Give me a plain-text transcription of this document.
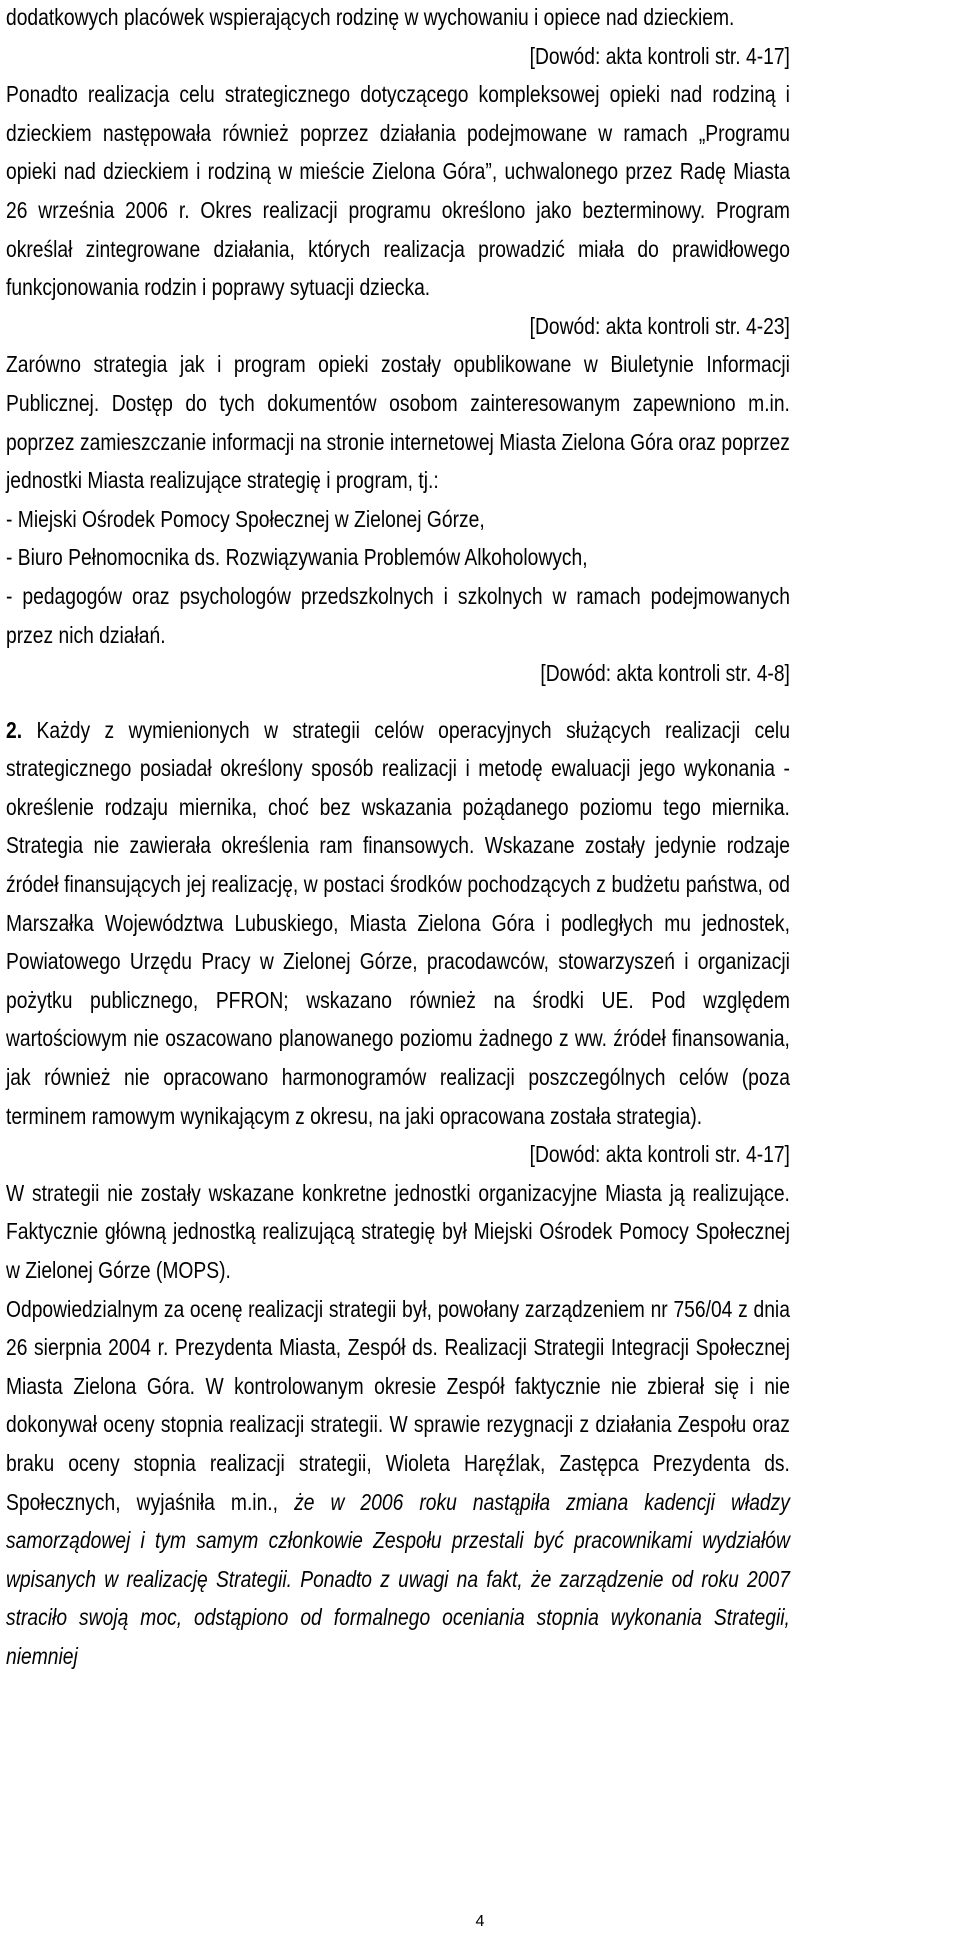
dodatkowych placówek wspierających rodzinę w wychowaniu i opiece nad dzieckiem.

[Dowód: akta kontroli str. 4-17]

Ponadto realizacja celu strategicznego dotyczącego kompleksowej opieki nad rodziną i dzieckiem następowała również poprzez działania podejmowane w ramach „Programu opieki nad dzieckiem i rodziną w mieście Zielona Góra”, uchwalonego przez Radę Miasta 26 września 2006 r. Okres realizacji programu określono jako bezterminowy. Program określał zintegrowane działania, których realizacja prowadzić miała do prawidłowego funkcjonowania rodzin i poprawy sytuacji dziecka.

[Dowód: akta kontroli str. 4-23]

Zarówno strategia jak i program opieki zostały opublikowane w Biuletynie Informacji Publicznej. Dostęp do tych dokumentów osobom zainteresowanym zapewniono m.in. poprzez zamieszczanie informacji na stronie internetowej Miasta Zielona Góra oraz poprzez jednostki Miasta realizujące strategię i program, tj.:

- Miejski Ośrodek Pomocy Społecznej w Zielonej Górze,

- Biuro Pełnomocnika ds. Rozwiązywania Problemów Alkoholowych,

- pedagogów oraz psychologów przedszkolnych i szkolnych w ramach podejmowanych przez nich działań.

[Dowód: akta kontroli str. 4-8]

2. Każdy z wymienionych w strategii celów operacyjnych służących realizacji celu strategicznego posiadał określony sposób realizacji i metodę ewaluacji jego wykonania - określenie rodzaju miernika, choć bez wskazania pożądanego poziomu tego miernika. Strategia nie zawierała określenia ram finansowych. Wskazane zostały jedynie rodzaje źródeł finansujących jej realizację, w postaci środków pochodzących z budżetu państwa, od Marszałka Województwa Lubuskiego, Miasta Zielona Góra i podległych mu jednostek, Powiatowego Urzędu Pracy w Zielonej Górze, pracodawców, stowarzyszeń i organizacji pożytku publicznego, PFRON; wskazano również na środki UE. Pod względem wartościowym nie oszacowano planowanego poziomu żadnego z ww. źródeł finansowania, jak również nie opracowano harmonogramów realizacji poszczególnych celów (poza terminem ramowym wynikającym z okresu, na jaki opracowana została strategia).

[Dowód: akta kontroli str. 4-17]

W strategii nie zostały wskazane konkretne jednostki organizacyjne Miasta ją realizujące. Faktycznie główną jednostką realizującą strategię był Miejski Ośrodek Pomocy Społecznej w Zielonej Górze (MOPS).

Odpowiedzialnym za ocenę realizacji strategii był, powołany zarządzeniem nr 756/04 z dnia 26 sierpnia 2004 r. Prezydenta Miasta, Zespół ds. Realizacji Strategii Integracji Społecznej Miasta Zielona Góra. W kontrolowanym okresie Zespół faktycznie nie zbierał się i nie dokonywał oceny stopnia realizacji strategii. W sprawie rezygnacji z działania Zespołu oraz braku oceny stopnia realizacji strategii, Wioleta Haręźlak, Zastępca Prezydenta ds. Społecznych, wyjaśniła m.in., że w 2006 roku nastąpiła zmiana kadencji władzy samorządowej i tym samym członkowie Zespołu przestali być pracownikami wydziałów wpisanych w realizację Strategii. Ponadto z uwagi na fakt, że zarządzenie od roku 2007 straciło swoją moc, odstąpiono od formalnego oceniania stopnia wykonania Strategii, niemniej

4
